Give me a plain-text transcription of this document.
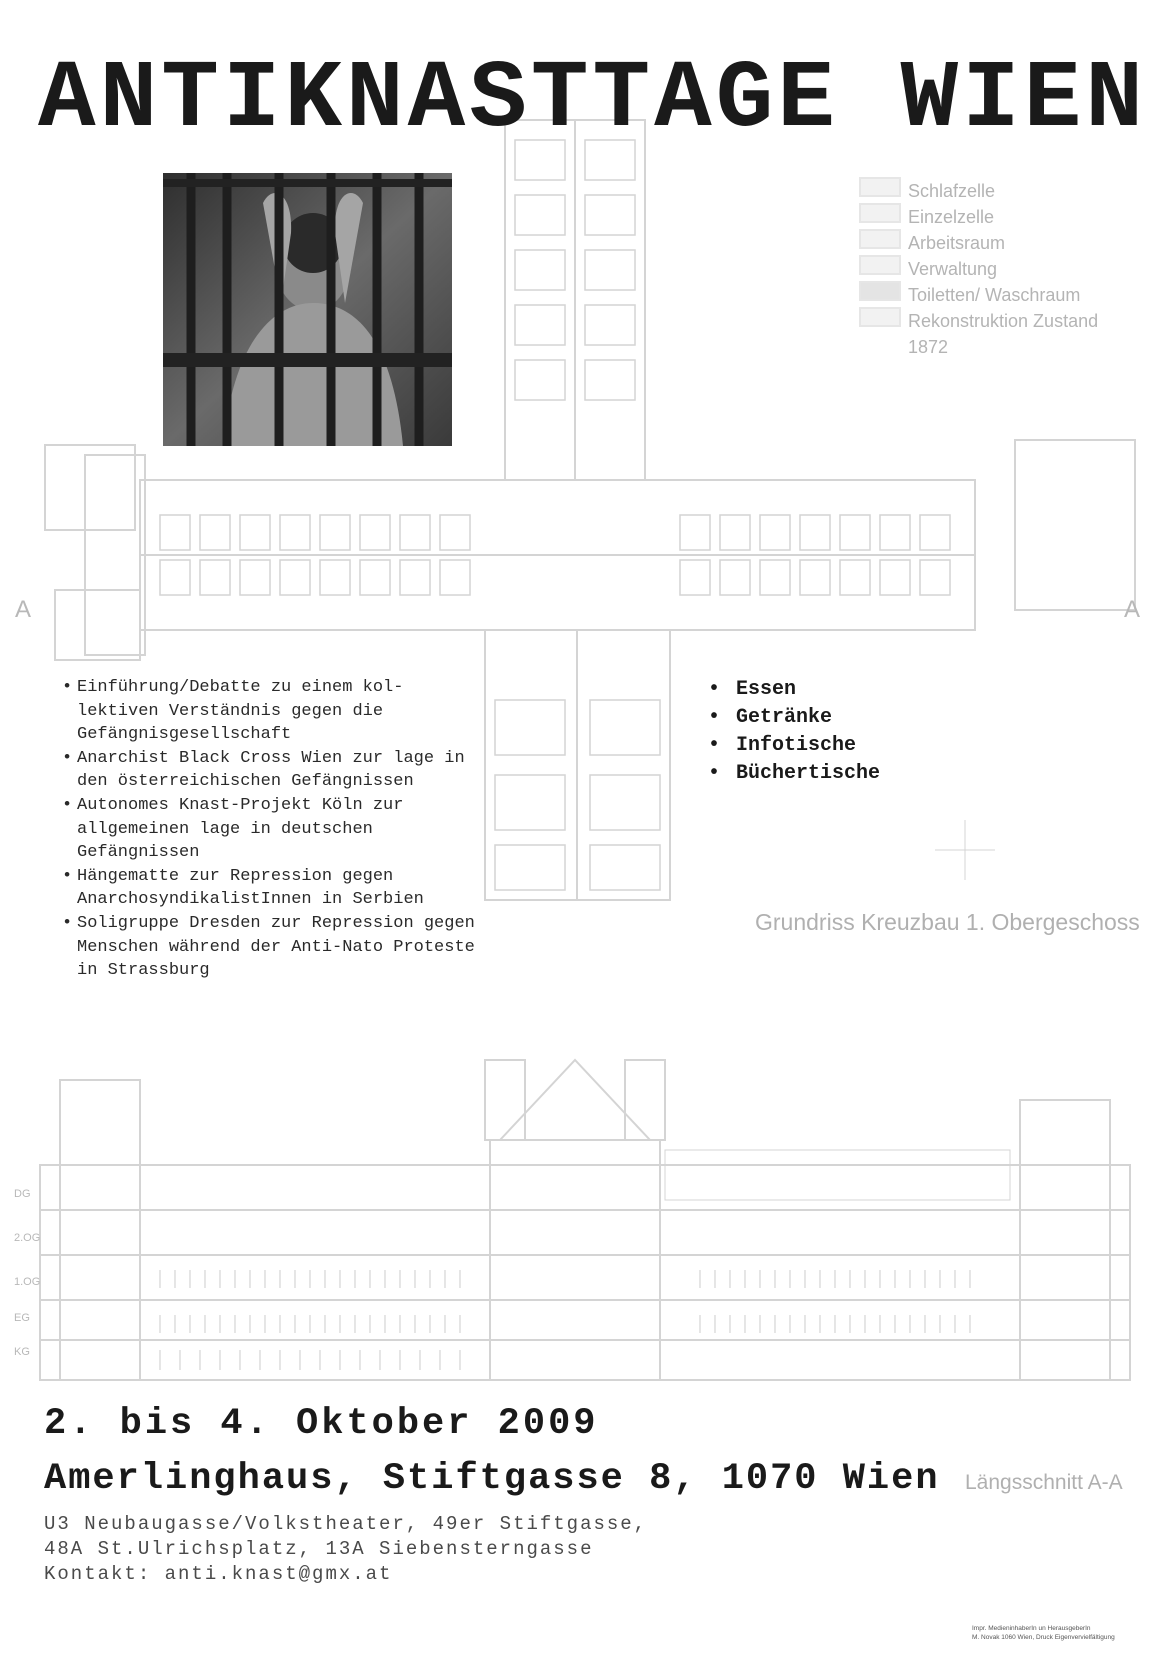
ANTIKNASTTAGE WIEN
Schlafzelle
Einzelzelle
Arbeitsraum
Verwaltung
Toiletten/ Waschraum
Rekonstruktion Zustand
1872
A	A
Grundriss Kreuzbau 1. Obergeschoss
Längsschnitt A-A
DG
2.OG
1.OG
EG
KG
• Einführung/Debatte zu einem kol-lektiven Verständnis gegen die Gefängnisgesellschaft
• Anarchist Black Cross Wien zur lage in den österreichischen Gefängnissen
• Autonomes Knast-Projekt Köln zur allgemeinen lage in deutschen Gefängnissen
• Hängematte zur Repression gegen AnarchosyndikalistInnen in Serbien
• Soligruppe Dresden zur Repression gegen Menschen während der Anti-Nato Proteste in Strassburg
• Essen
• Getränke
• Infotische
• Büchertische
2. bis 4. Oktober 2009
Amerlinghaus, Stiftgasse 8, 1070 Wien
U3 Neubaugasse/Volkstheater, 49er Stiftgasse,
48A St.Ulrichsplatz, 13A Siebensterngasse
Kontakt: anti.knast@gmx.at
Impr. MedieninhaberIn un HerausgeberIn
M. Novak 1060 Wien, Druck Eigenvervielfältigung
